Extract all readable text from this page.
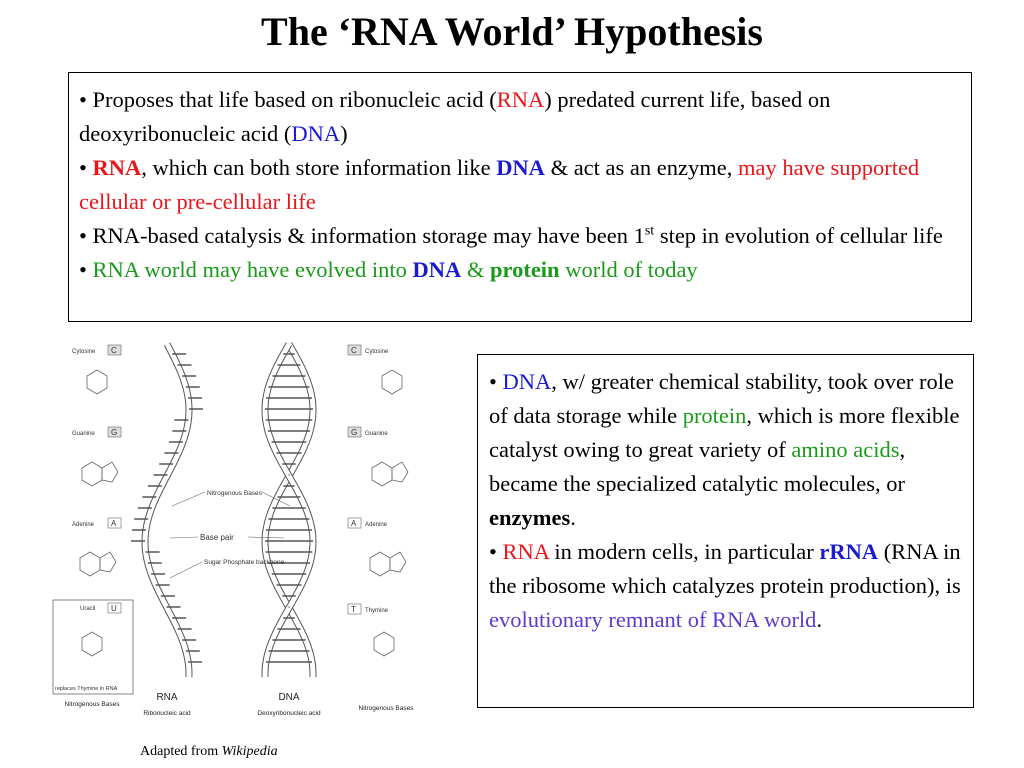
The ‘RNA World’ Hypothesis
• Proposes that life based on ribonucleic acid (RNA) predated current life, based on deoxyribonucleic acid (DNA)
• RNA, which can both store information like DNA & act as an enzyme, may have supported cellular or pre-cellular life
• RNA-based catalysis & information storage may have been 1st step in evolution of cellular life
• RNA world may have evolved into DNA & protein world of today
• DNA, w/ greater chemical stability, took over role of data storage while protein, which is more flexible catalyst owing to great variety of amino acids, became the specialized catalytic molecules, or enzymes.
• RNA in modern cells, in particular rRNA (RNA in the ribosome which catalyzes protein production), is evolutionary remnant of RNA world.
Cytosine C
Guanine G
Adenine A
Uracil U
replaces Thymine in RNA
C Cytosine
G Guanine
A Adenine
T Thymine
Nitrogenous Bases
Base pair
Sugar Phosphate backbone
RNA
Ribonucleic acid
DNA
Deoxyribonucleic acid
Nitrogenous Bases
Nitrogenous Bases
Adapted from Wikipedia
